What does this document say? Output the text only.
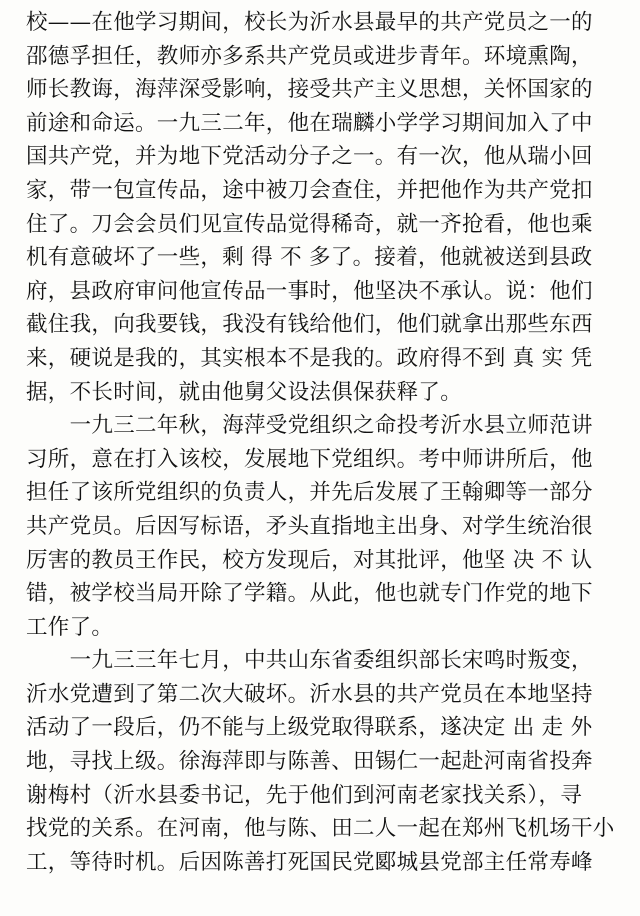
校——在他学习期间，校长为沂水县最早的共产党员之一的
邵德孚担任，教师亦多系共产党员或进步青年。环境熏陶，
师长教诲，海萍深受影响，接受共产主义思想，关怀国家的
前途和命运。一九三二年，他在瑞麟小学学习期间加入了中
国共产党，并为地下党活动分子之一。有一次，他从瑞小回
家，带一包宣传品，途中被刀会查住，并把他作为共产党扣
住了。刀会会员们见宣传品觉得稀奇，就一齐抢看，他也乘
机有意破坏了一些，剩 得 不 多了。接着，他就被送到县政
府，县政府审问他宣传品一事时，他坚决不承认。说：他们
截住我，向我要钱，我没有钱给他们，他们就拿出那些东西
来，硬说是我的，其实根本不是我的。政府得不到 真 实 凭
据，不长时间，就由他舅父设法俱保获释了。
　　一九三二年秋，海萍受党组织之命投考沂水县立师范讲
习所，意在打入该校，发展地下党组织。考中师讲所后，他
担任了该所党组织的负责人，并先后发展了王翰卿等一部分
共产党员。后因写标语，矛头直指地主出身、对学生统治很
厉害的教员王作民，校方发现后，对其批评，他坚 决 不 认
错，被学校当局开除了学籍。从此，他也就专门作党的地下
工作了。
　　一九三三年七月，中共山东省委组织部长宋鸣时叛变，
沂水党遭到了第二次大破坏。沂水县的共产党员在本地坚持
活动了一段后，仍不能与上级党取得联系，遂决定 出 走 外
地，寻找上级。徐海萍即与陈善、田锡仁一起赴河南省投奔
谢梅村（沂水县委书记，先于他们到河南老家找关系），寻
找党的关系。在河南，他与陈、田二人一起在郑州飞机场干小
工，等待时机。后因陈善打死国民党郾城县党部主任常寿峰
